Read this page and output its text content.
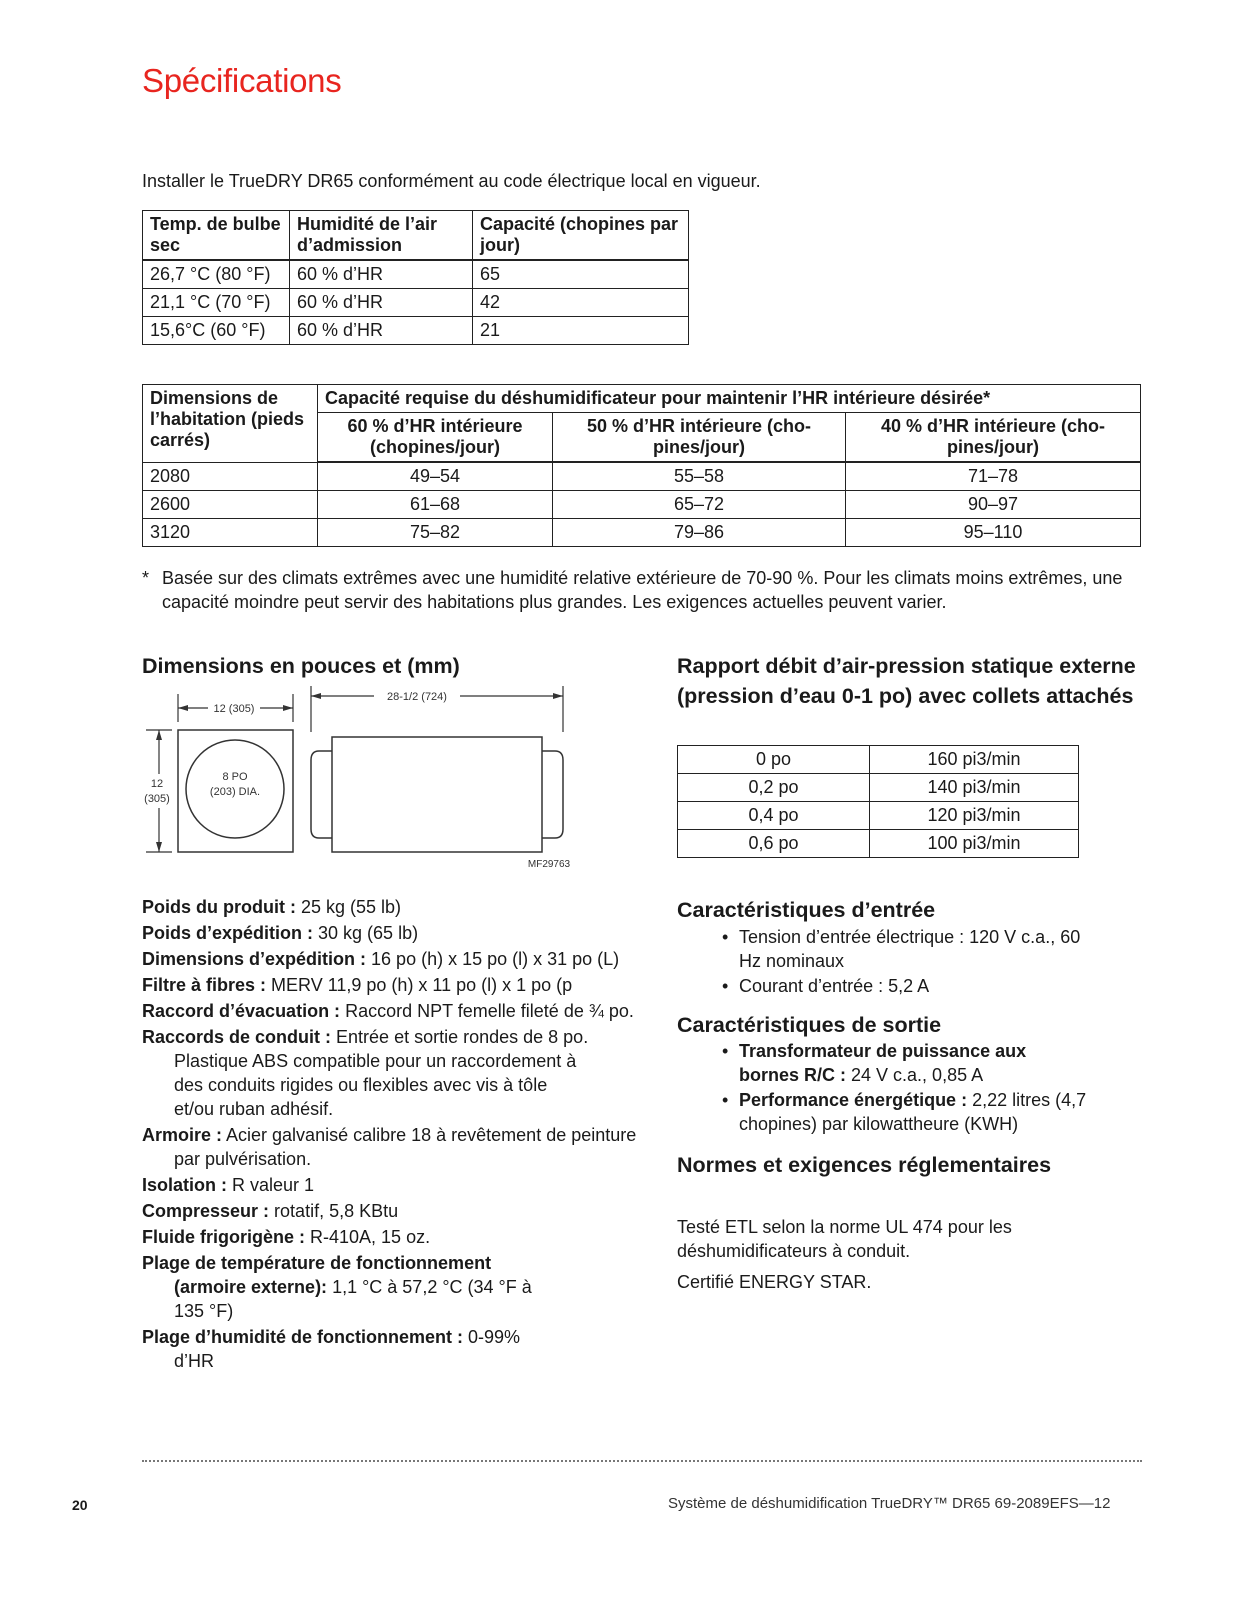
Spécifications
Installer le TrueDRY DR65 conformément au code électrique local en vigueur.
Temp. de bulbe sec	Humidité de l’air d’admission	Capacité (chopines par jour)
26,7 °C (80 °F)	60 % d’HR	65
21,1 °C (70 °F)	60 % d’HR	42
15,6°C (60 °F)	60 % d’HR	21
Dimensions de l’habitation (pieds carrés)	Capacité requise du déshumidificateur pour maintenir l’HR intérieure désirée*		
	60 % d’HR intérieure (chopines/jour)	50 % d’HR intérieure (cho-pines/jour)	40 % d’HR intérieure (cho-pines/jour)
2080	49–54	55–58	71–78
2600	61–68	65–72	90–97
3120	75–82	79–86	95–110
* Basée sur des climats extrêmes avec une humidité relative extérieure de 70-90 %. Pour les climats moins extrêmes, une capacité moindre peut servir des habitations plus grandes. Les exigences actuelles peuvent varier.
Dimensions en pouces et (mm)
12 (305)
12
(305)
8 PO
(203) DIA.
28-1/2 (724)
MF29763
Rapport débit d’air-pression statique externe (pression d’eau 0-1 po) avec collets attachés
0 po	160 pi3/min
0,2 po	140 pi3/min
0,4 po	120 pi3/min
0,6 po	100 pi3/min

Poids du produit : 25 kg (55 lb)

Poids d’expédition : 30 kg (65 lb)

Dimensions d’expédition : 16 po (h) x 15 po (l) x 31 po (L)

Filtre à fibres : MERV 11,9 po (h) x 11 po (l) x 1 po (p

Raccord d’évacuation : Raccord NPT femelle fileté de ¾ po.

Raccords de conduit : Entrée et sortie rondes de 8 po. Plastique ABS compatible pour un raccordement à des conduits rigides ou flexibles avec vis à tôle et/ou ruban adhésif.

Armoire : Acier galvanisé calibre 18 à revêtement de peinture par pulvérisation.

Isolation : R valeur 1

Compresseur : rotatif, 5,8 KBtu

Fluide frigorigène : R-410A, 15 oz.

Plage de température de fonctionnement (armoire externe): 1,1 °C à 57,2 °C (34 °F à 135 °F)

Plage d’humidité de fonctionnement : 0-99% d’HR

Caractéristiques d’entrée
• Tension d’entrée électrique : 120 V c.a., 60 Hz nominaux
• Courant d’entrée : 5,2 A
Caractéristiques de sortie
• Transformateur de puissance aux bornes R/C : 24 V c.a., 0,85 A
• Performance énergétique : 2,22 litres (4,7 chopines) par kilowattheure (KWH)
Normes et exigences réglementaires
Testé ETL selon la norme UL 474 pour les déshumidificateurs à conduit.
Certifié ENERGY STAR.
20	Système de déshumidification TrueDRY™ DR65 69-2089EFS—12
